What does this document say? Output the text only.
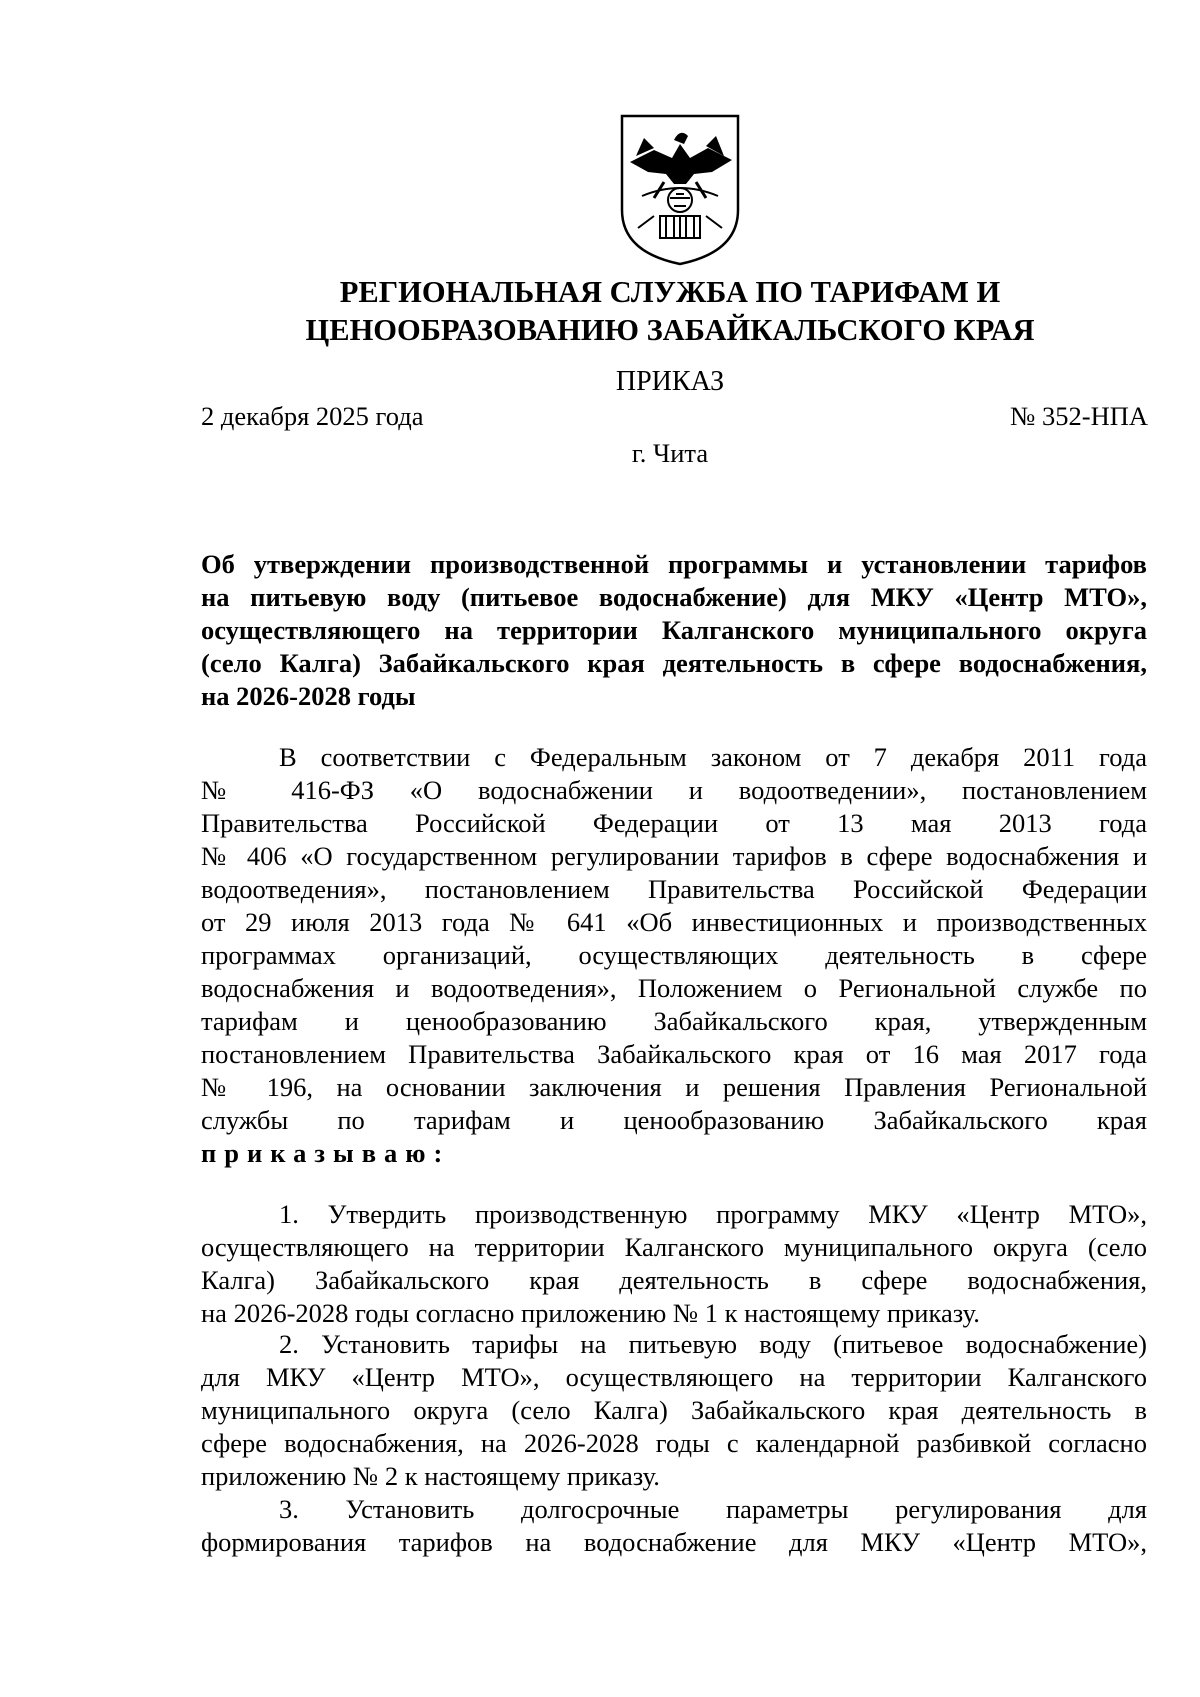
РЕГИОНАЛЬНАЯ СЛУЖБА ПО ТАРИФАМ И
ЦЕНООБРАЗОВАНИЮ ЗАБАЙКАЛЬСКОГО КРАЯ
ПРИКАЗ
2 декабря 2025 года	№ 352-НПА
г. Чита
Об утверждении производственной программы и установлении тарифов
на питьевую воду (питьевое водоснабжение) для МКУ «Центр МТО»,
осуществляющего на территории Калганского муниципального округа
(село Калга) Забайкальского края деятельность в сфере водоснабжения,
на 2026-2028 годы
В соответствии с Федеральным законом от 7 декабря 2011 года
№ 416-ФЗ «О водоснабжении и водоотведении», постановлением
Правительства Российской Федерации от 13 мая 2013 года
№ 406 «О государственном регулировании тарифов в сфере водоснабжения и
водоотведения», постановлением Правительства Российской Федерации
от 29 июля 2013 года № 641 «Об инвестиционных и производственных
программах организаций, осуществляющих деятельность в сфере
водоснабжения и водоотведения», Положением о Региональной службе по
тарифам и ценообразованию Забайкальского края, утвержденным
постановлением Правительства Забайкальского края от 16 мая 2017 года
№ 196, на основании заключения и решения Правления Региональной
службы по тарифам и ценообразованию Забайкальского края
приказываю:
1. Утвердить производственную программу МКУ «Центр МТО»,
осуществляющего на территории Калганского муниципального округа (село
Калга) Забайкальского края деятельность в сфере водоснабжения,
на 2026-2028 годы согласно приложению № 1 к настоящему приказу.
2. Установить тарифы на питьевую воду (питьевое водоснабжение)
для МКУ «Центр МТО», осуществляющего на территории Калганского
муниципального округа (село Калга) Забайкальского края деятельность в
сфере водоснабжения, на 2026-2028 годы с календарной разбивкой согласно
приложению № 2 к настоящему приказу.
3. Установить долгосрочные параметры регулирования для
формирования тарифов на водоснабжение для МКУ «Центр МТО»,
